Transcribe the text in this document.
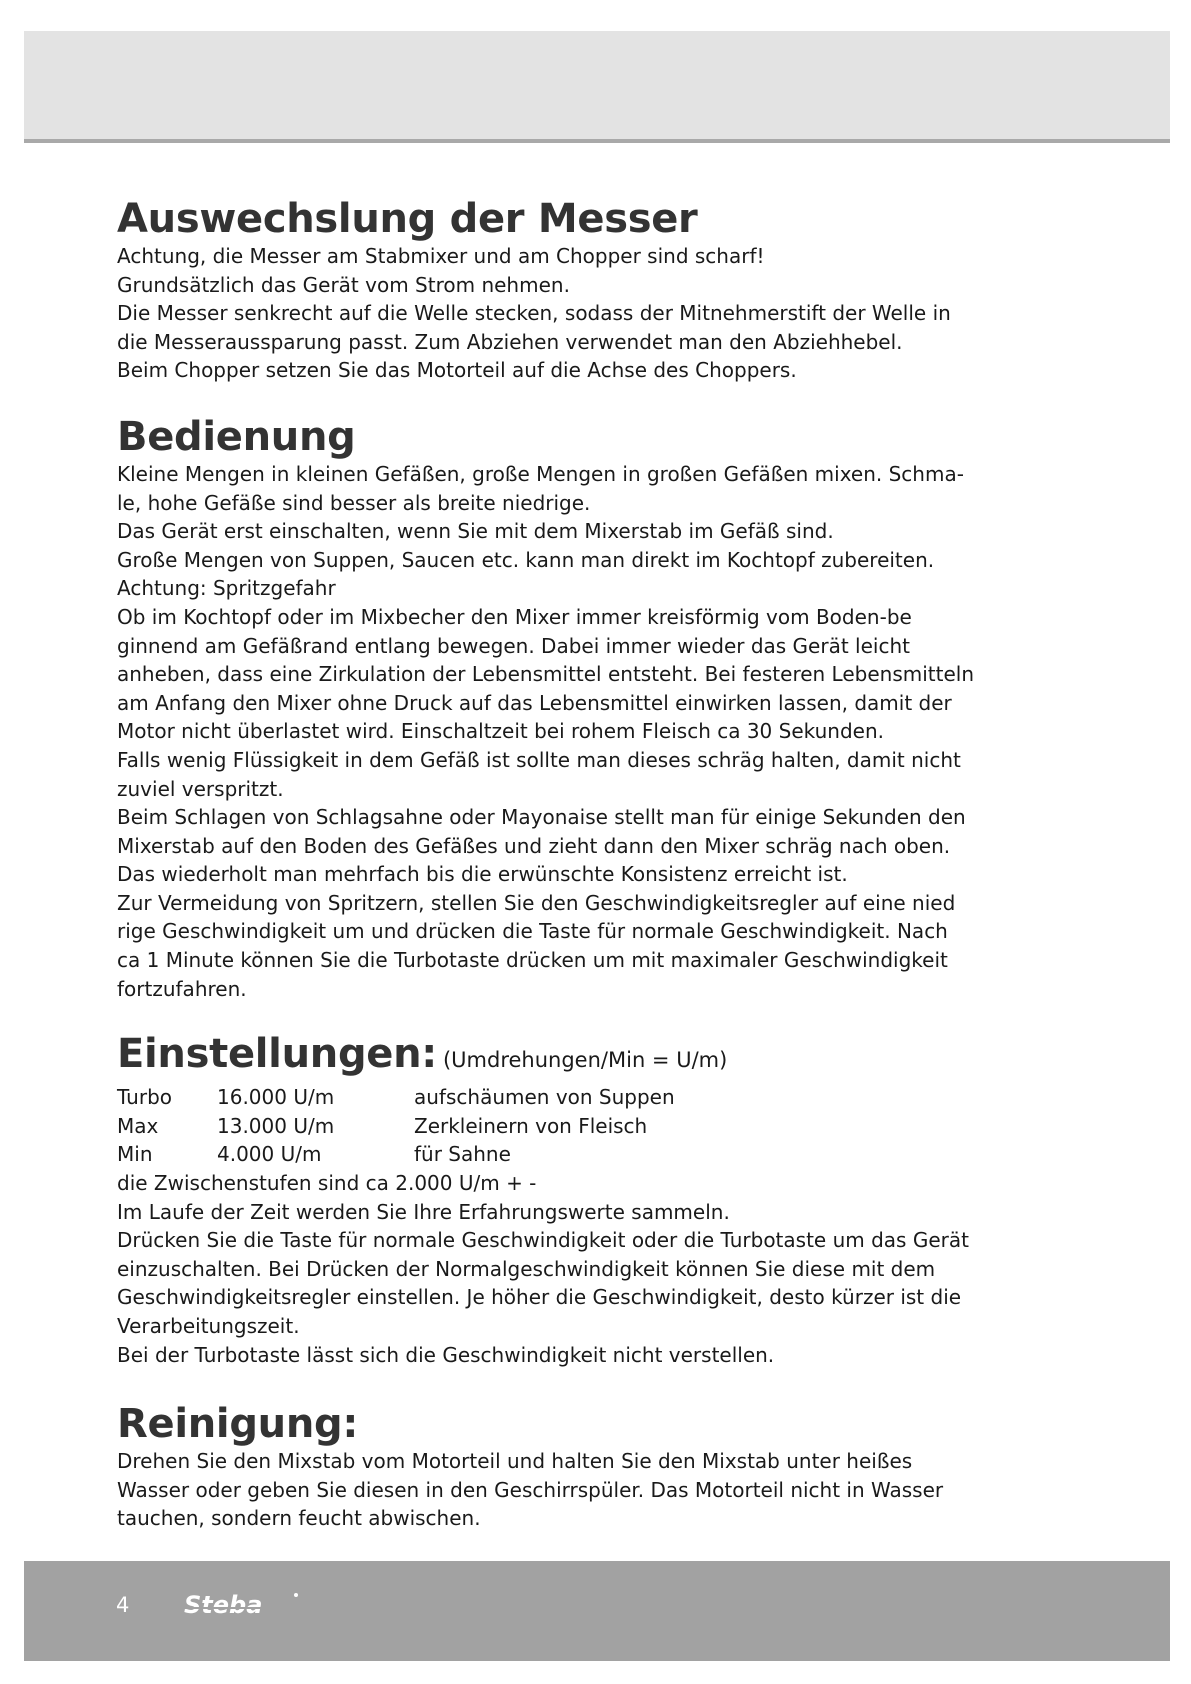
Auswechslung der Messer

Achtung, die Messer am Stabmixer und am Chopper sind scharf!

Grundsätzlich das Gerät vom Strom nehmen.

Die Messer senkrecht auf die Welle stecken, sodass der Mitnehmerstift der Welle in

die Messeraussparung passt. Zum Abziehen verwendet man den Abziehhebel.

Beim Chopper setzen Sie das Motorteil auf die Achse des Choppers.

Bedienung

Kleine Mengen in kleinen Gefäßen, große Mengen in großen Gefäßen mixen. Schma-

le, hohe Gefäße sind besser als breite niedrige.

Das Gerät erst einschalten, wenn Sie mit dem Mixerstab im Gefäß sind.

Große Mengen von Suppen, Saucen etc. kann man direkt im Kochtopf zubereiten.

Achtung: Spritzgefahr

Ob im Kochtopf oder im Mixbecher den Mixer immer kreisförmig vom Boden-be

ginnend am Gefäßrand entlang bewegen. Dabei immer wieder das Gerät leicht

anheben, dass eine Zirkulation der Lebensmittel entsteht. Bei festeren Lebensmitteln

am Anfang den Mixer ohne Druck auf das Lebensmittel einwirken lassen, damit der

Motor nicht überlastet wird. Einschaltzeit bei rohem Fleisch ca 30 Sekunden.

Falls wenig Flüssigkeit in dem Gefäß ist sollte man dieses schräg halten, damit nicht

zuviel verspritzt.

Beim Schlagen von Schlagsahne oder Mayonaise stellt man für einige Sekunden den

Mixerstab auf den Boden des Gefäßes und zieht dann den Mixer schräg nach oben.

Das wiederholt man mehrfach bis die erwünschte Konsistenz erreicht ist.

Zur Vermeidung von Spritzern, stellen Sie den Geschwindigkeitsregler auf eine nied

rige Geschwindigkeit um und drücken die Taste für normale Geschwindigkeit. Nach

ca 1 Minute können Sie die Turbotaste drücken um mit maximaler Geschwindigkeit

fortzufahren.

Einstellungen: (Umdrehungen/Min = U/m)
Turbo	16.000 U/m	aufschäumen von Suppen
Max	13.000 U/m	Zerkleinern von Fleisch
Min	4.000 U/m	für Sahne

die Zwischenstufen sind ca 2.000 U/m + -

Im Laufe der Zeit werden Sie Ihre Erfahrungswerte sammeln.

Drücken Sie die Taste für normale Geschwindigkeit oder die Turbotaste um das Gerät

einzuschalten. Bei Drücken der Normalgeschwindigkeit können Sie diese mit dem

Geschwindigkeitsregler einstellen. Je höher die Geschwindigkeit, desto kürzer ist die

Verarbeitungszeit.

Bei der Turbotaste lässt sich die Geschwindigkeit nicht verstellen.

Reinigung:

Drehen Sie den Mixstab vom Motorteil und halten Sie den Mixstab unter heißes

Wasser oder geben Sie diesen in den Geschirrspüler. Das Motorteil nicht in Wasser

tauchen, sondern feucht abwischen.

4 Steba
